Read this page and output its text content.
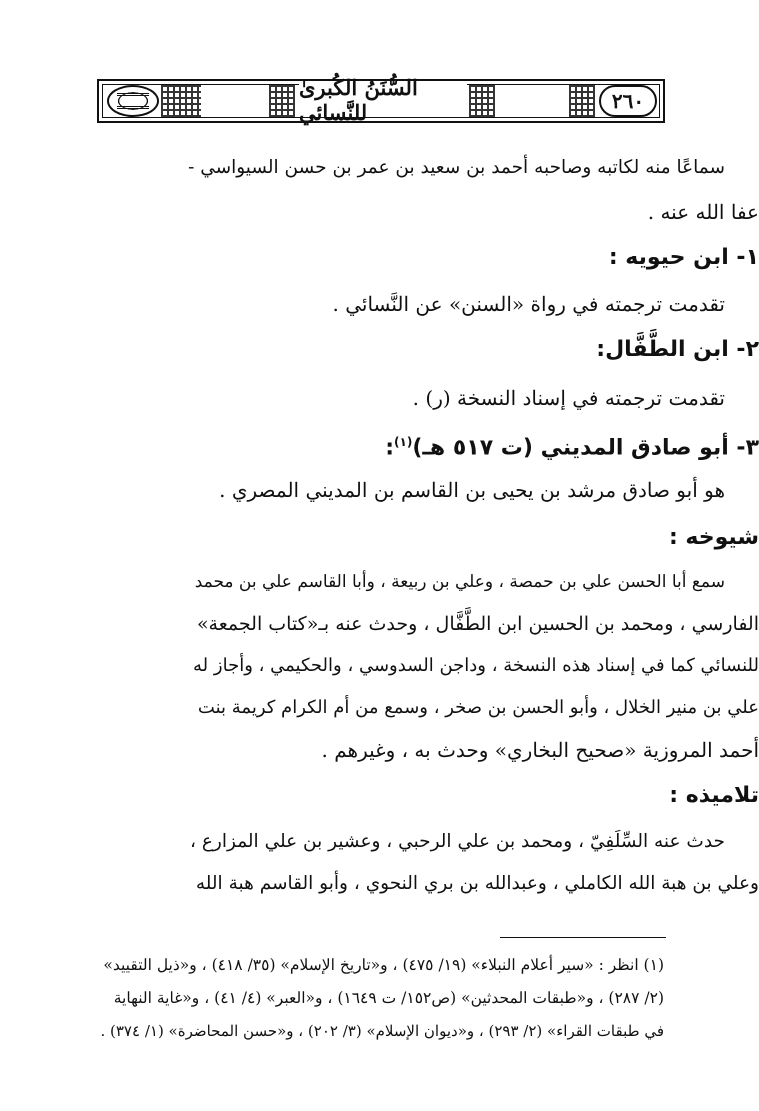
السُّنَنُ الكُبرىٰ للنَّسائي	٢٦٠
سماعًا منه لكاتبه وصاحبه أحمد بن سعيد بن عمر بن حسن السيواسي -
عفا الله عنه .
١- ابن حيويه :
تقدمت ترجمته في رواة «السنن» عن النَّسائي .
٢- ابن الطَّفَّال:
تقدمت ترجمته في إسناد النسخة (ر) .
٣- أبو صادق المديني (ت ٥١٧ هـ)$^{(١)}$:
هو أبو صادق مرشد بن يحيى بن القاسم بن المديني المصري .
شيوخه :
سمع أبا الحسن علي بن حمصة ، وعلي بن ربيعة ، وأبا القاسم علي بن محمد
الفارسي ، ومحمد بن الحسين ابن الطَّفَّال ، وحدث عنه بـ«كتاب الجمعة»
للنسائي كما في إسناد هذه النسخة ، وداجن السدوسي ، والحكيمي ، وأجاز له
علي بن منير الخلال ، وأبو الحسن بن صخر ، وسمع من أم الكرام كريمة بنت
أحمد المروزية «صحيح البخاري» وحدث به ، وغيرهم .
تلاميذه :
حدث عنه السِّلَفِيّ ، ومحمد بن علي الرحبي ، وعشير بن علي المزارع ،
وعلي بن هبة الله الكاملي ، وعبدالله بن بري النحوي ، وأبو القاسم هبة الله
(١) انظر : «سير أعلام النبلاء» (١٩/ ٤٧٥) ، و«تاريخ الإسلام» (٣٥/ ٤١٨) ، و«ذيل التقييد»
(٢/ ٢٨٧) ، و«طبقات المحدثين» (ص١٥٢/ ت ١٦٤٩) ، و«العبر» (٤/ ٤١) ، و«غاية النهاية
في طبقات القراء» (٢/ ٢٩٣) ، و«ديوان الإسلام» (٣/ ٢٠٢) ، و«حسن المحاضرة» (١/ ٣٧٤) .
